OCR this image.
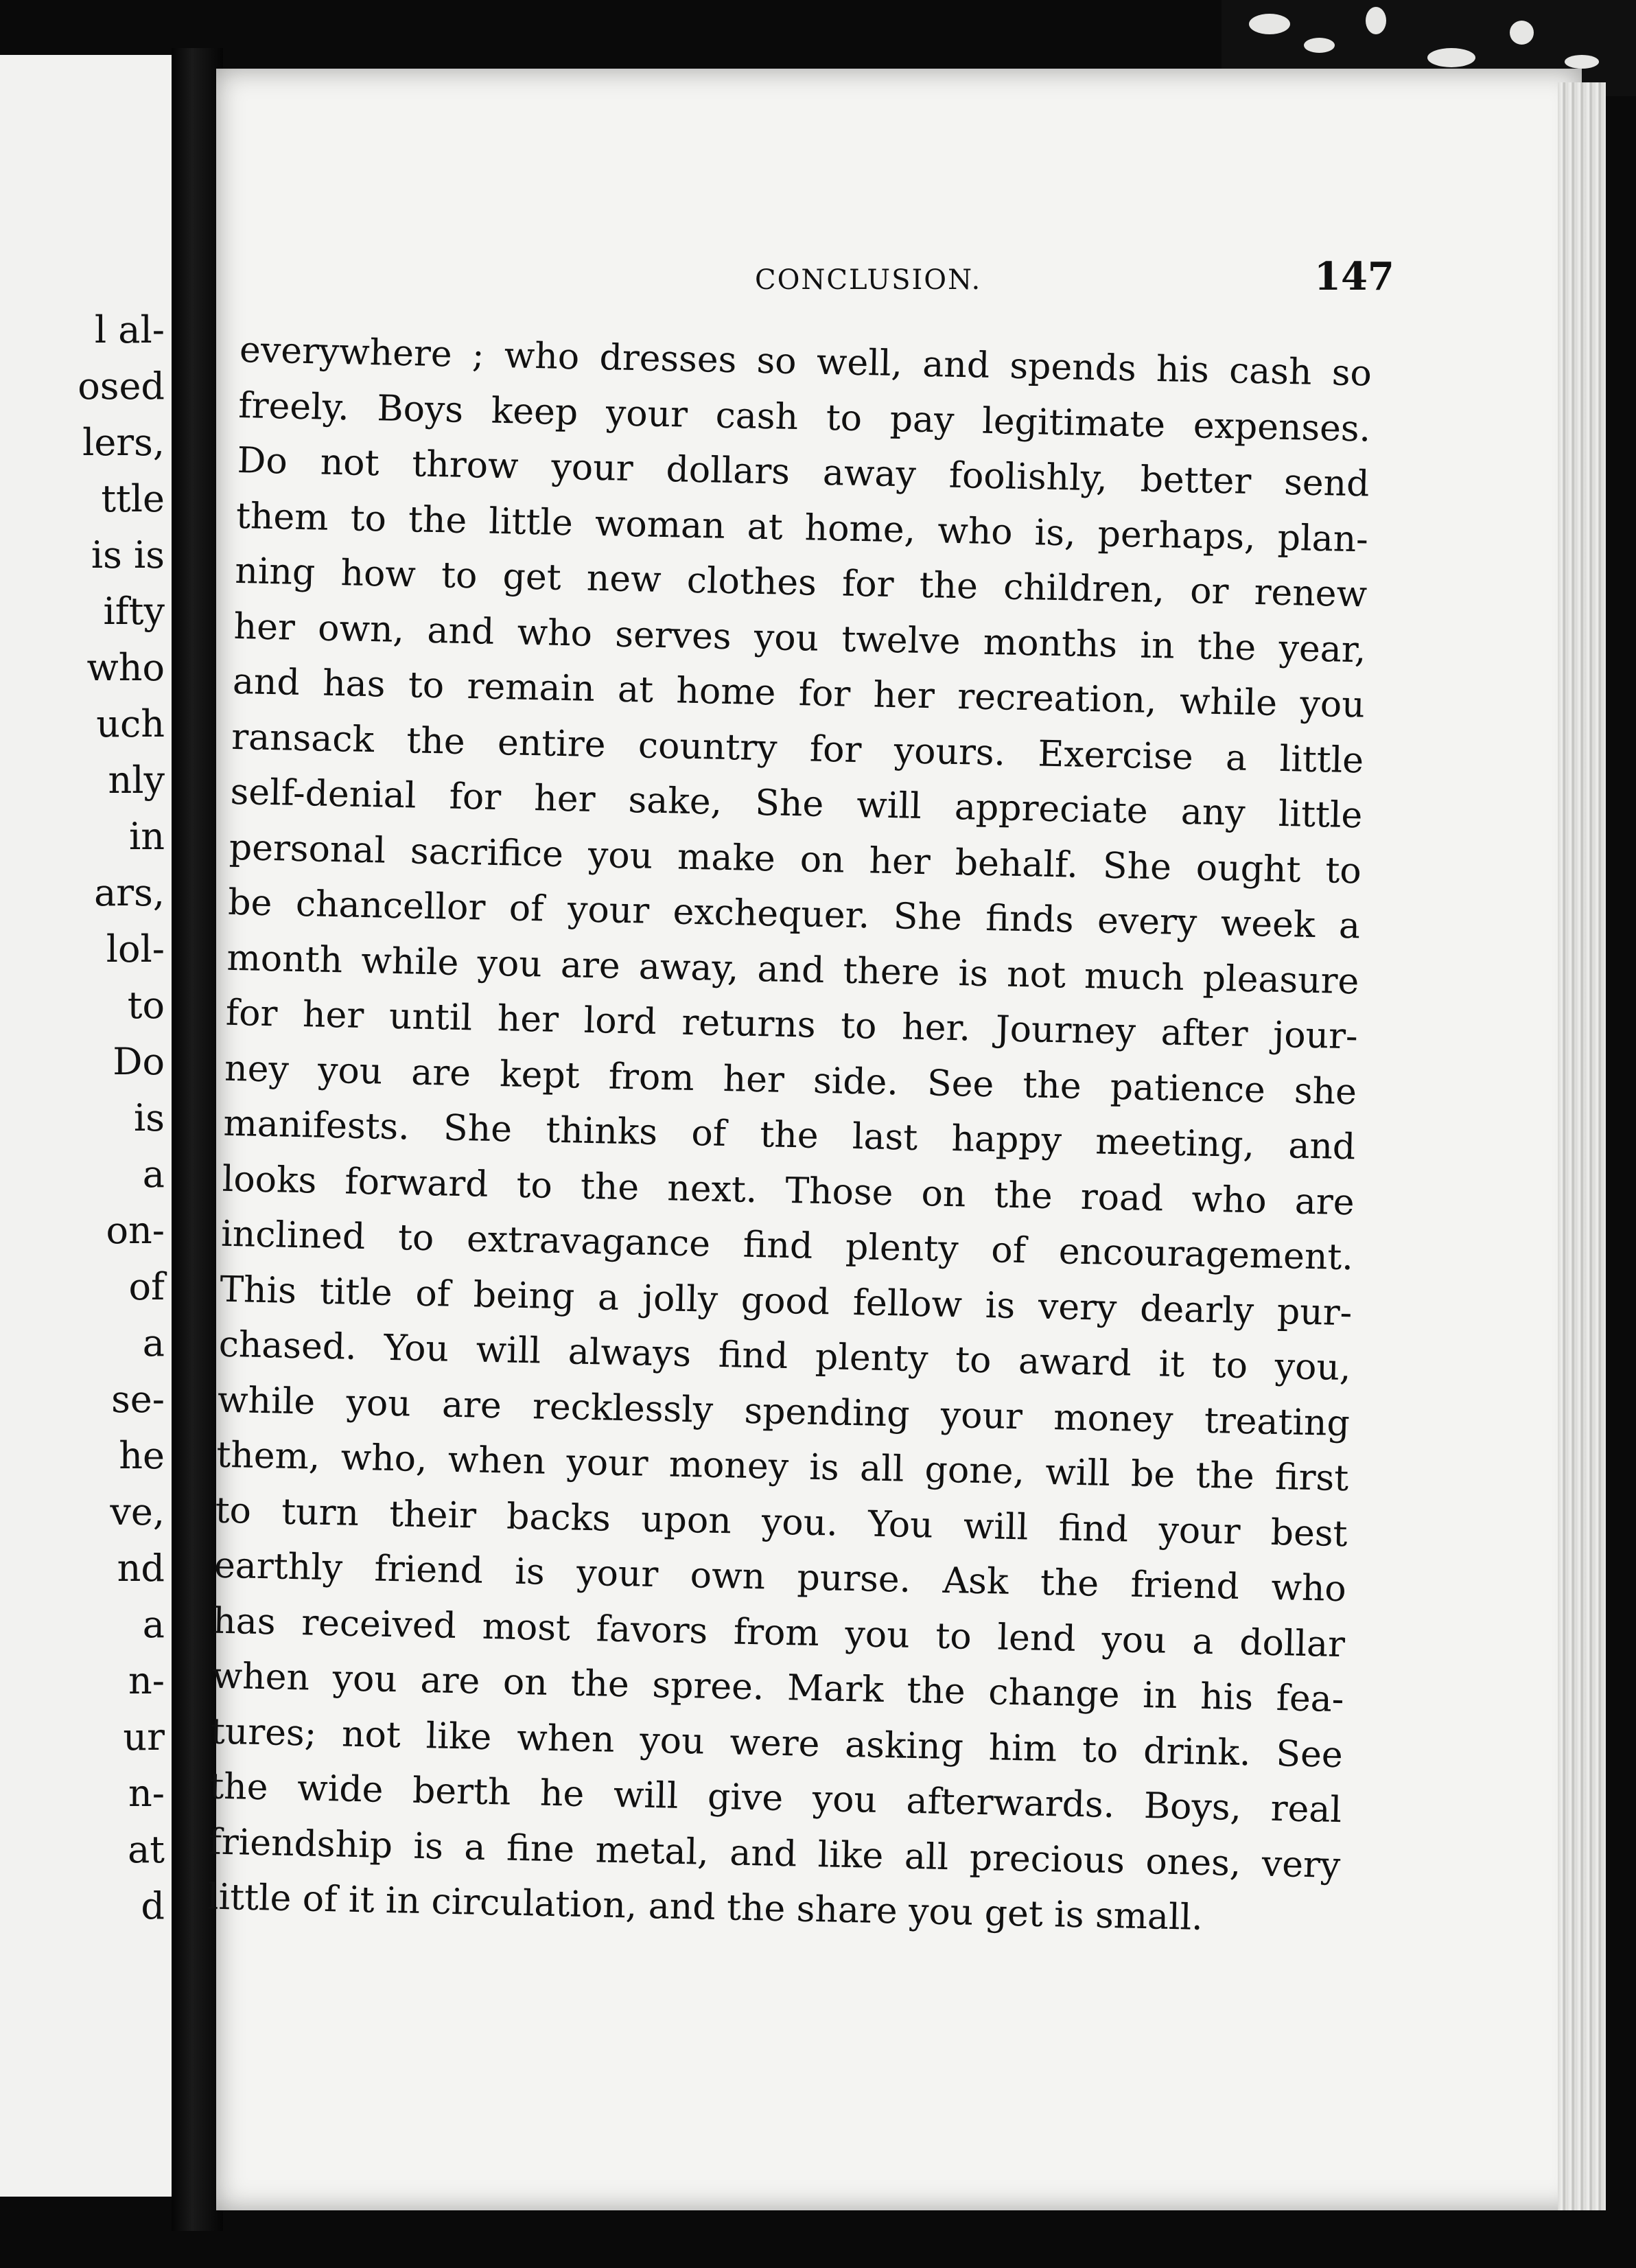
l al-
osed
lers,
ttle
is is
ifty
who
uch
nly
in
ars,
lol-
to
Do
is
a
on-
of
a
se-
he
ve,
nd
a
n-
ur
n-
at
d
CONCLUSION.	147
everywhere ; who dresses so well, and spends his cash so
freely. Boys keep your cash to pay legitimate expenses.
Do not throw your dollars away foolishly, better send
them to the little woman at home, who is, perhaps, plan-
ning how to get new clothes for the children, or renew
her own, and who serves you twelve months in the year,
and has to remain at home for her recreation, while you
ransack the entire country for yours. Exercise a little
self-denial for her sake, She will appreciate any little
personal sacrifice you make on her behalf. She ought to
be chancellor of your exchequer. She finds every week a
month while you are away, and there is not much pleasure
for her until her lord returns to her. Journey after jour-
ney you are kept from her side. See the patience she
manifests. She thinks of the last happy meeting, and
looks forward to the next. Those on the road who are
inclined to extravagance find plenty of encouragement.
This title of being a jolly good fellow is very dearly pur-
chased. You will always find plenty to award it to you,
while you are recklessly spending your money treating
them, who, when your money is all gone, will be the first
to turn their backs upon you. You will find your best
earthly friend is your own purse. Ask the friend who
has received most favors from you to lend you a dollar
when you are on the spree. Mark the change in his fea-
tures; not like when you were asking him to drink. See
the wide berth he will give you afterwards. Boys, real
friendship is a fine metal, and like all precious ones, very
little of it in circulation, and the share you get is small.
